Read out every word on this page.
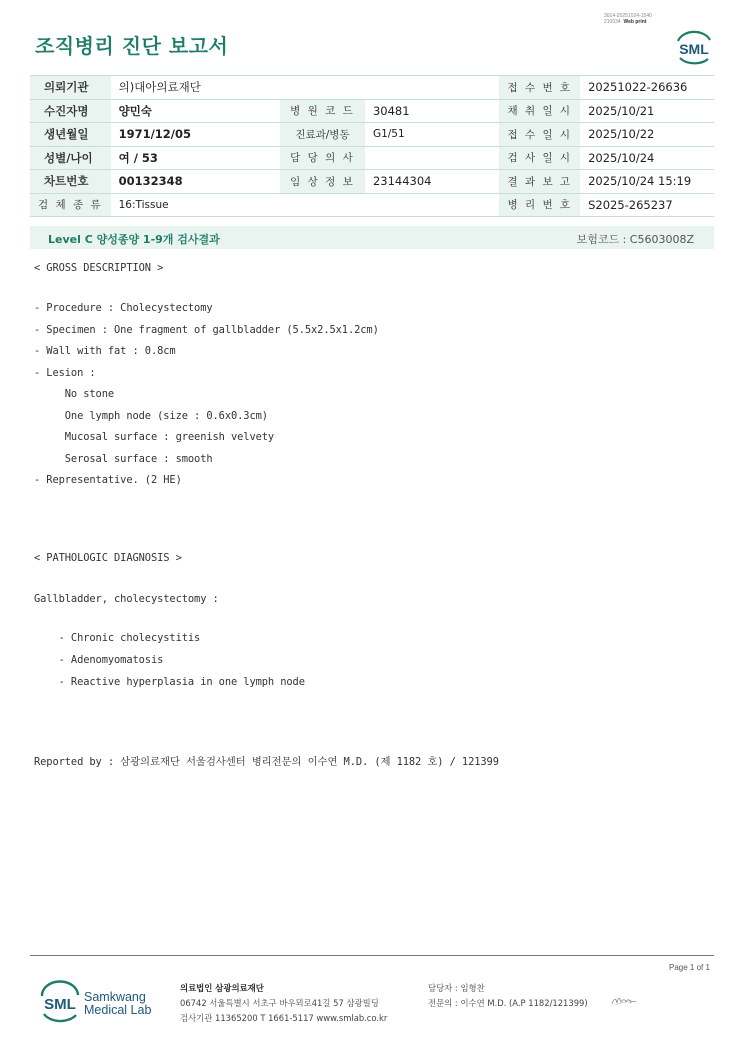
3014-20251024-1540
210034 Web print
조직병리 진단 보고서	SML
의뢰기관	의)대아의료재단			접 수 번 호	20251022-26636
수진자명	양민숙	병 원 코 드	30481	채 취 일 시	2025/10/21
생년월일	1971/12/05	진료과/병동	G1/51	접 수 일 시	2025/10/22
성별/나이	여 / 53	담 당 의 사		검 사 일 시	2025/10/24
차트번호	00132348	임 상 정 보	23144304	결 과 보 고	2025/10/24 15:19
검 체 종 류	16:Tissue			병 리 번 호	S2025-265237
Level C 양성종양 1-9개 검사결과	보험코드 : C5603008Z
< GROSS DESCRIPTION >
- Procedure : Cholecystectomy
- Specimen : One fragment of gallbladder (5.5x2.5x1.2cm)
- Wall with fat : 0.8cm
- Lesion :
No stone
One lymph node (size : 0.6x0.3cm)
Mucosal surface : greenish velvety
Serosal surface : smooth
- Representative. (2 HE)
< PATHOLOGIC DIAGNOSIS >
Gallbladder, cholecystectomy :
- Chronic cholecystitis
- Adenomyomatosis
- Reactive hyperplasia in one lymph node
Reported by : 삼광의료재단 서울검사센터 병리전문의 이수연 M.D. (제 1182 호) / 121399
Page 1 of 1
SML Samkwang
Medical Lab
의료법인 삼광의료재단
06742 서울특별시 서초구 바우뫼로41길 57 삼광빌딩
검사기관 11365200 T 1661-5117 www.smlab.co.kr
담당자 : 임형찬
전문의 : 이수연 M.D. (A.P 1182/121399)
